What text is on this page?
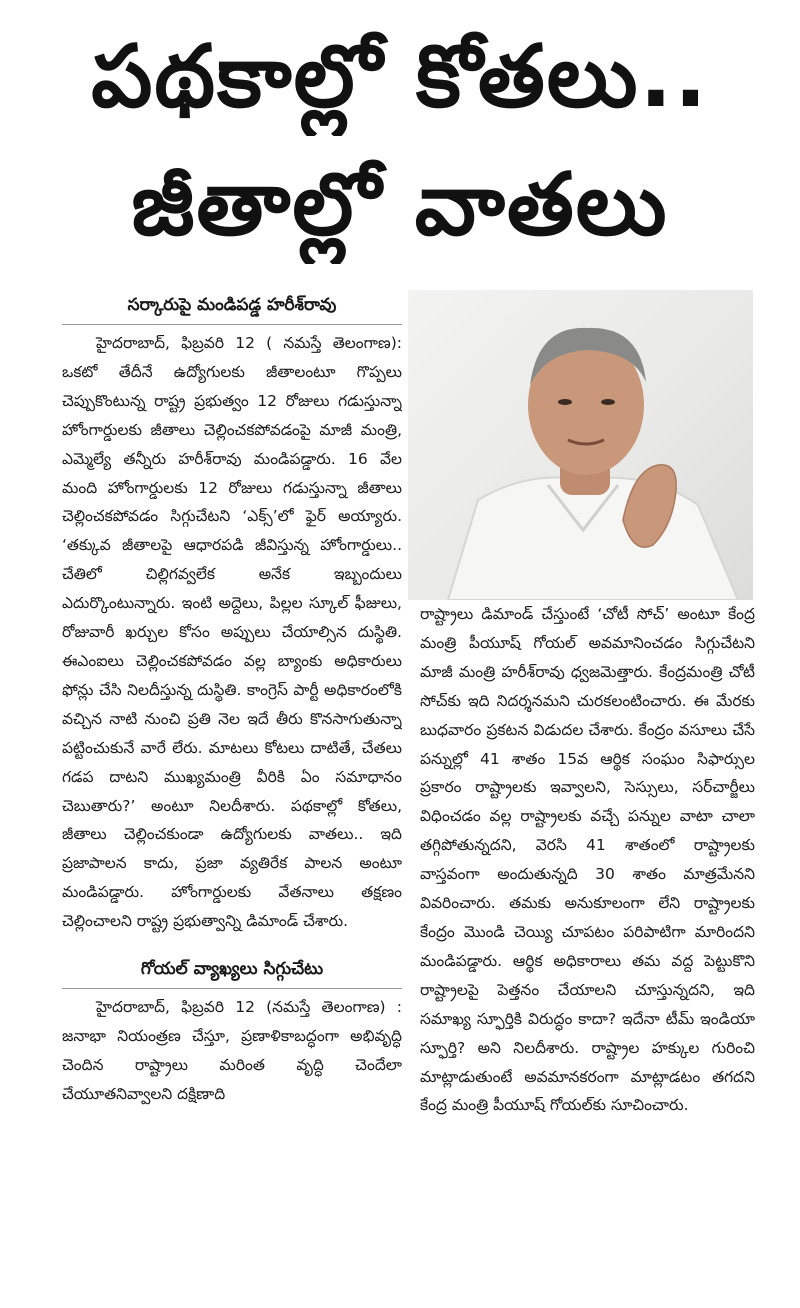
పథకాల్లో కోతలు..
జీతాల్లో వాతలు
సర్కారుపై మండిపడ్డ హరీశ్‌రావు

హైదరాబాద్, ఫిబ్రవరి 12 ( నమస్తే తెలంగాణ): ఒకటో తేదీనే ఉద్యోగులకు జీతాలంటూ గొప్పలు చెప్పుకొంటున్న రాష్ట్ర ప్రభుత్వం 12 రోజులు గడుస్తున్నా హోంగార్డులకు జీతాలు చెల్లించకపోవడంపై మాజీ మంత్రి, ఎమ్మెల్యే తన్నీరు హరీశ్‌రావు మండిపడ్డారు. 16 వేల మంది హోంగార్డులకు 12 రోజులు గడుస్తున్నా జీతాలు చెల్లించకపోవడం సిగ్గుచేటని ‘ఎక్స్’లో ఫైర్ అయ్యారు. ‘తక్కువ జీతాలపై ఆధారపడి జీవిస్తున్న హోంగార్డులు.. చేతిలో చిల్లిగవ్వలేక అనేక ఇబ్బందులు ఎదుర్కొంటున్నారు. ఇంటి అద్దెలు, పిల్లల స్కూల్ ఫీజులు, రోజువారీ ఖర్చుల కోసం అప్పులు చేయాల్సిన దుస్థితి. ఈఎంఐలు చెల్లించకపోవడం వల్ల బ్యాంకు అధికారులు ఫోన్లు చేసి నిలదీస్తున్న దుస్థితి. కాంగ్రెస్ పార్టీ అధికారంలోకి వచ్చిన నాటి నుంచి ప్రతి నెల ఇదే తీరు కొనసాగుతున్నా పట్టించుకునే వారే లేరు. మాటలు కోటలు దాటితే, చేతలు గడప దాటని ముఖ్యమంత్రి వీరికి ఏం సమాధానం చెబుతారు?’ అంటూ నిలదీశారు. పథకాల్లో కోతలు, జీతాలు చెల్లించకుండా ఉద్యోగులకు వాతలు.. ఇది ప్రజాపాలన కాదు, ప్రజా వ్యతిరేక పాలన అంటూ మండిపడ్డారు. హోంగార్డులకు వేతనాలు తక్షణం చెల్లించాలని రాష్ట్ర ప్రభుత్వాన్ని డిమాండ్ చేశారు.

గోయల్ వ్యాఖ్యలు సిగ్గుచేటు

హైదరాబాద్, ఫిబ్రవరి 12 (నమస్తే తెలంగాణ) : జనాభా నియంత్రణ చేస్తూ, ప్రణాళికాబద్ధంగా అభివృద్ధి చెందిన రాష్ట్రాలు మరింత వృద్ధి చెందేలా చేయూతనివ్వాలని దక్షిణాది

రాష్ట్రాలు డిమాండ్ చేస్తుంటే ‘చోటీ సోచ్’ అంటూ కేంద్ర మంత్రి పీయూష్ గోయల్ అవమానించడం సిగ్గుచేటని మాజీ మంత్రి హరీశ్‌రావు ధ్వజమెత్తారు. కేంద్రమంత్రి చోటీ సోచ్‌కు ఇది నిదర్శనమని చురకలంటించారు. ఈ మేరకు బుధవారం ప్రకటన విడుదల చేశారు. కేంద్రం వసూలు చేసే పన్నుల్లో 41 శాతం 15వ ఆర్థిక సంఘం సిఫార్సుల ప్రకారం రాష్ట్రాలకు ఇవ్వాలని, సెస్సులు, సర్‌చార్జీలు విధించడం వల్ల రాష్ట్రాలకు వచ్చే పన్నుల వాటా చాలా తగ్గిపోతున్నదని, వెరసి 41 శాతంలో రాష్ట్రాలకు వాస్తవంగా అందుతున్నది 30 శాతం మాత్రమేనని వివరించారు. తమకు అనుకూలంగా లేని రాష్ట్రాలకు కేంద్రం మొండి చెయ్యి చూపటం పరిపాటిగా మారిందని మండిపడ్డారు. ఆర్థిక అధికారాలు తమ వద్ద పెట్టుకొని రాష్ట్రాలపై పెత్తనం చేయాలని చూస్తున్నదని, ఇది సమాఖ్య స్ఫూర్తికి విరుద్ధం కాదా? ఇదేనా టీమ్ ఇండియా స్ఫూర్తి? అని నిలదీశారు. రాష్ట్రాల హక్కుల గురించి మాట్లాడుతుంటే అవమానకరంగా మాట్లాడటం తగదని కేంద్ర మంత్రి పీయూష్ గోయల్‌కు సూచించారు.
